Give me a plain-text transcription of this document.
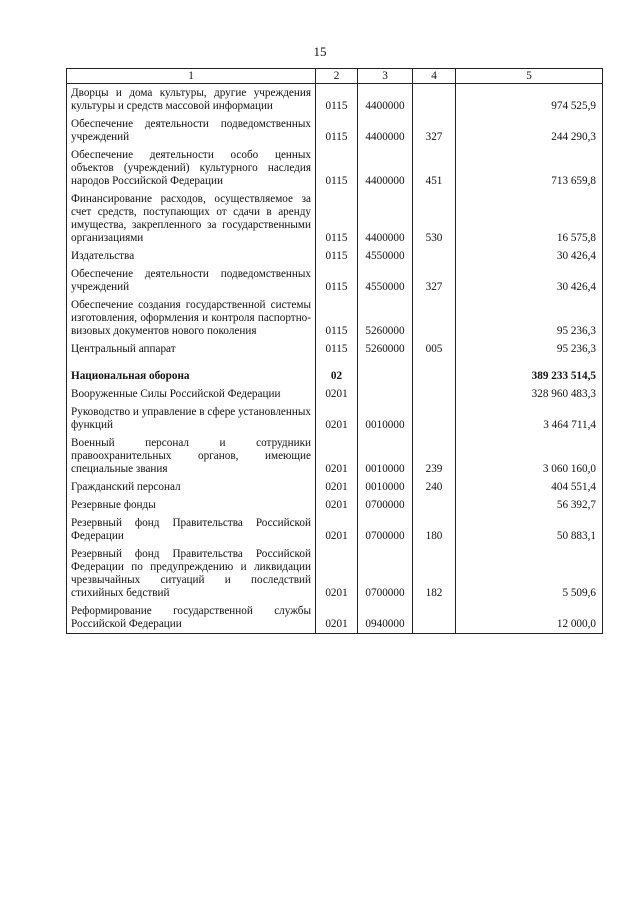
15
1	2	3	4	5
Дворцы и дома культуры, другие учреждения культуры и средств массовой информации	0115	4400000		974 525,9
Обеспечение деятельности подведомственных учреждений	0115	4400000	327	244 290,3
Обеспечение деятельности особо ценных объектов (учреждений) культурного наследия народов Российской Федерации	0115	4400000	451	713 659,8
Финансирование расходов, осуществляемое за счет средств, поступающих от сдачи в аренду имущества, закрепленного за государственными организациями	0115	4400000	530	16 575,8
Издательства	0115	4550000		30 426,4
Обеспечение деятельности подведомственных учреждений	0115	4550000	327	30 426,4
Обеспечение создания государственной системы изготовления, оформления и контроля паспортно-визовых документов нового поколения	0115	5260000		95 236,3
Центральный аппарат	0115	5260000	005	95 236,3
Национальная оборона	02			389 233 514,5
Вооруженные Силы Российской Федерации	0201			328 960 483,3
Руководство и управление в сфере установленных функций	0201	0010000		3 464 711,4
Военный персонал и сотрудники правоохранительных органов, имеющие специальные звания	0201	0010000	239	3 060 160,0
Гражданский персонал	0201	0010000	240	404 551,4
Резервные фонды	0201	0700000		56 392,7
Резервный фонд Правительства Российской Федерации	0201	0700000	180	50 883,1
Резервный фонд Правительства Российской Федерации по предупреждению и ликвидации чрезвычайных ситуаций и последствий стихийных бедствий	0201	0700000	182	5 509,6
Реформирование государственной службы Российской Федерации	0201	0940000		12 000,0
